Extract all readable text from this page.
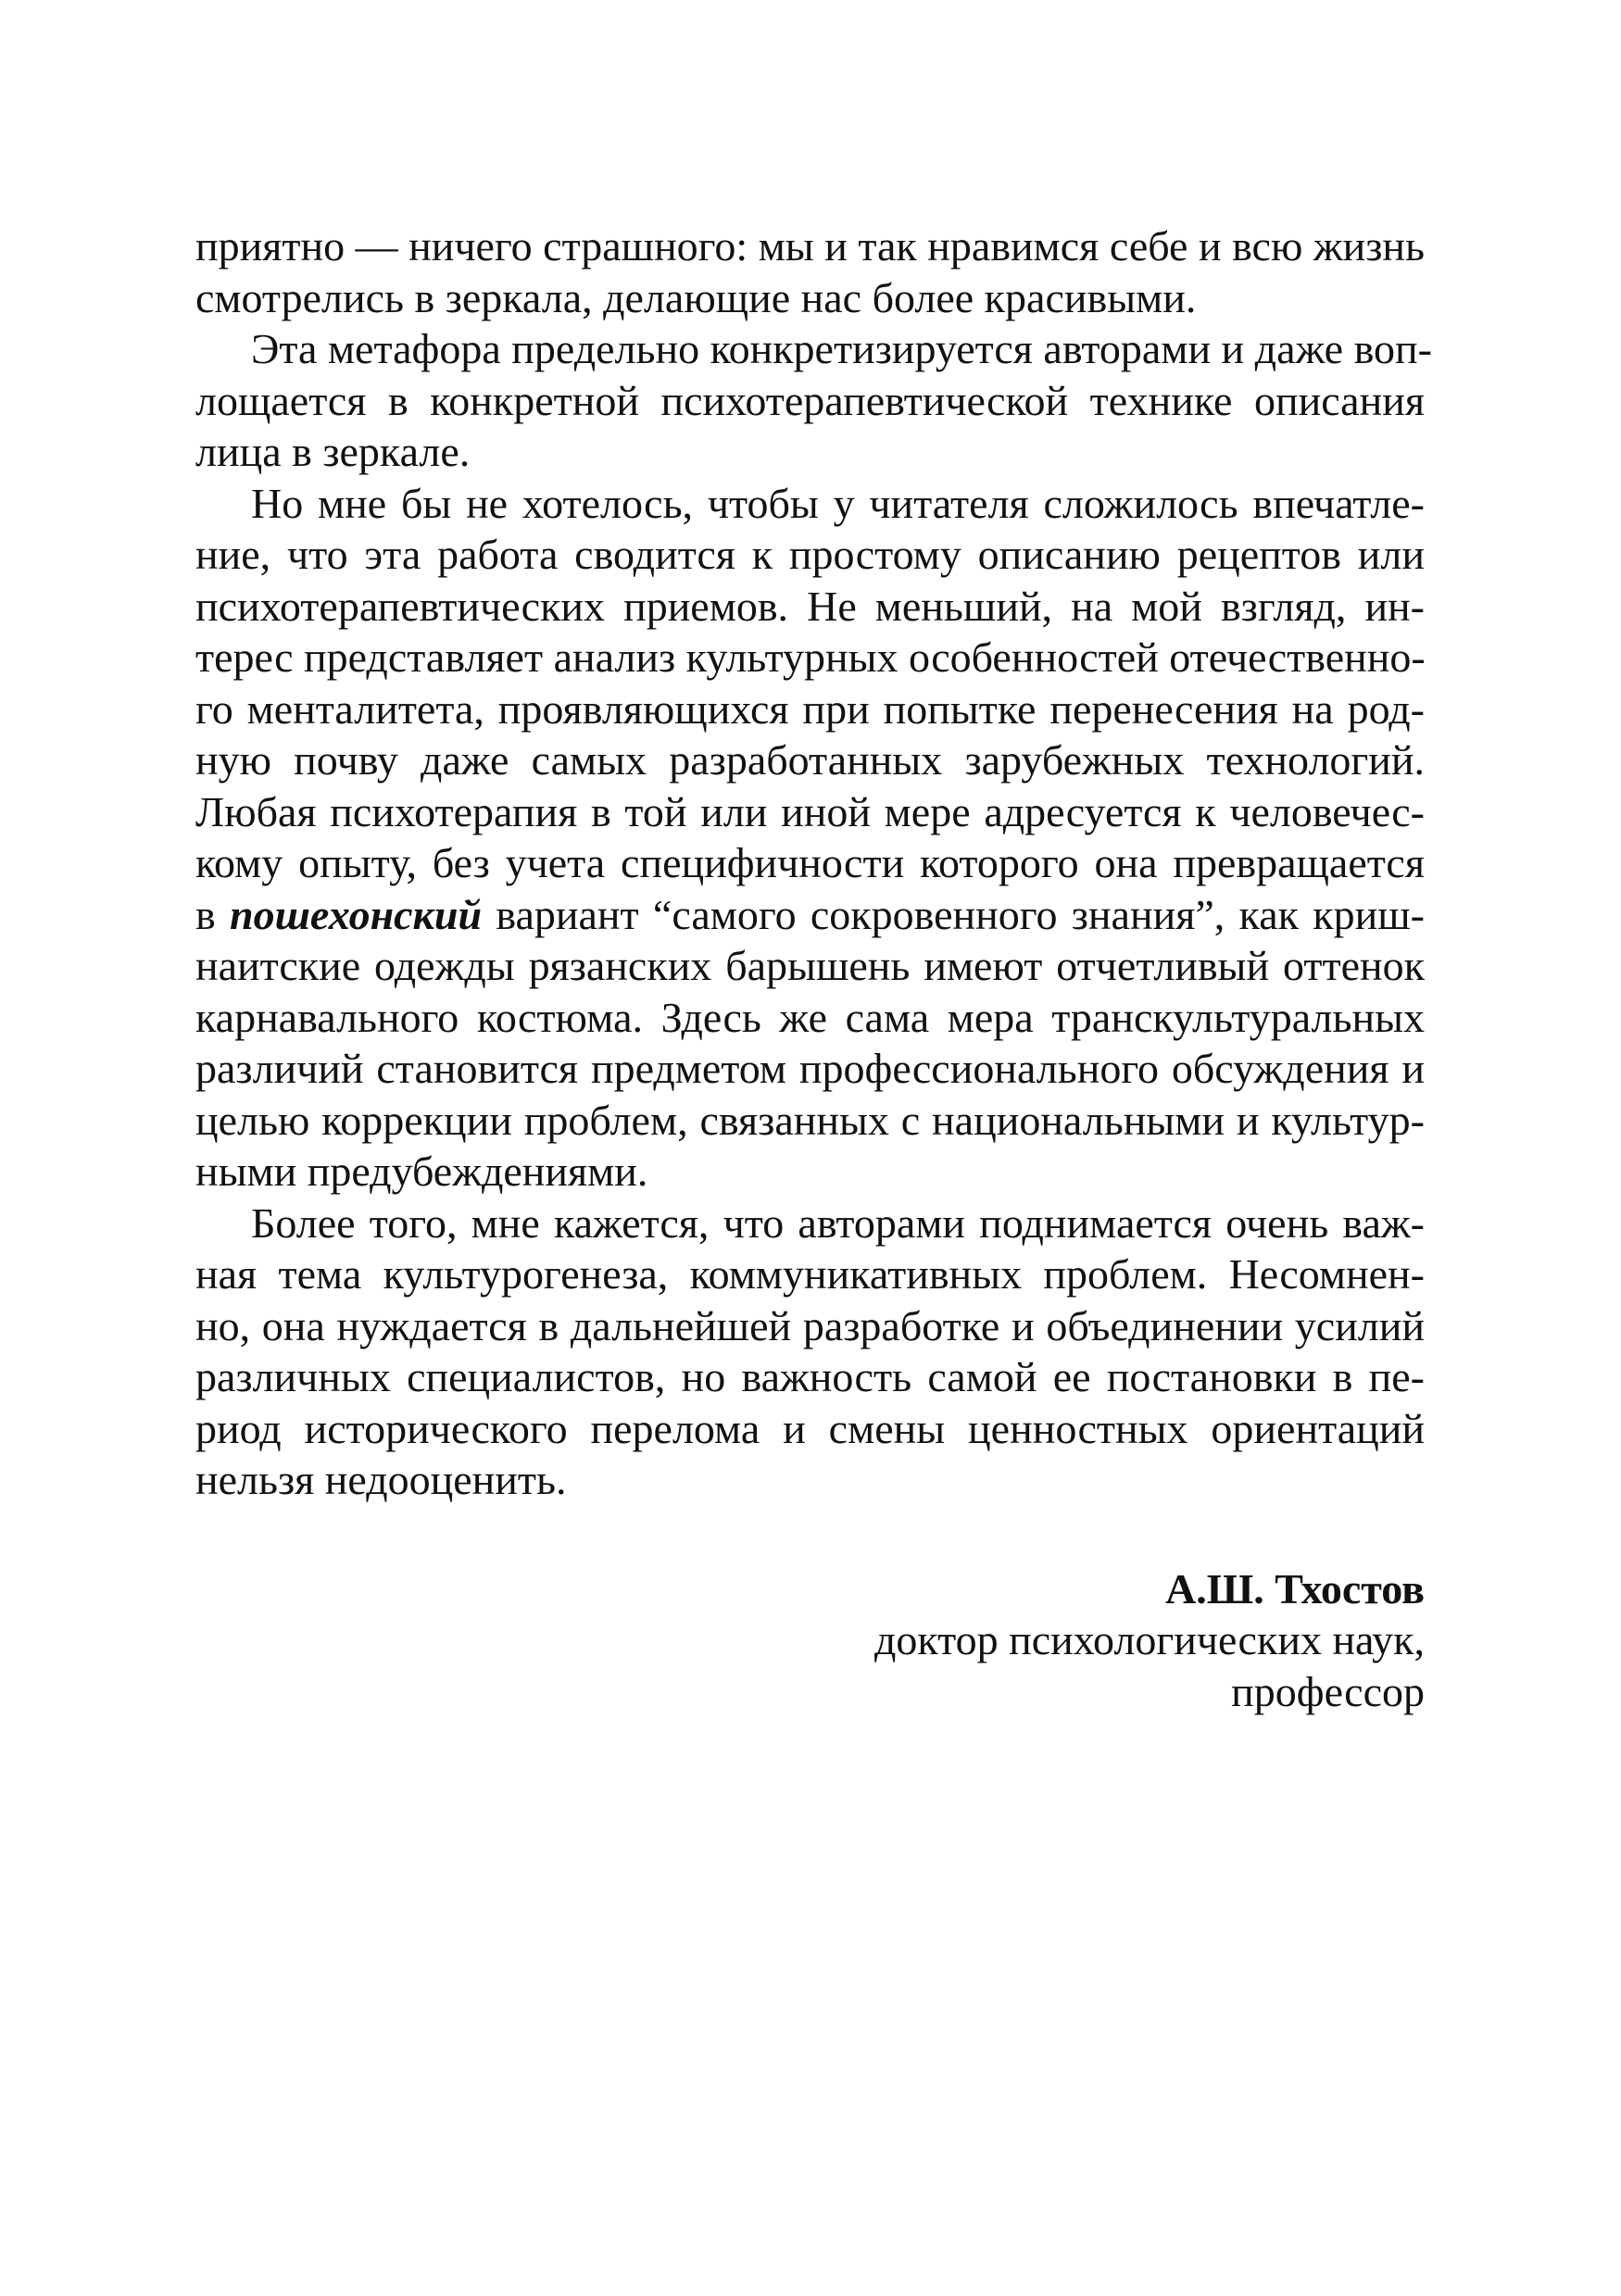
приятно — ничего страшного: мы и так нравимся себе и всю жизнь
смотрелись в зеркала, делающие нас более красивыми.
Эта метафора предельно конкретизируется авторами и даже воп-
лощается в конкретной психотерапевтической технике описания
лица в зеркале.
Но мне бы не хотелось, чтобы у читателя сложилось впечатле-
ние, что эта работа сводится к простому описанию рецептов или
психотерапевтических приемов. Не меньший, на мой взгляд, ин-
терес представляет анализ культурных особенностей отечественно-
го менталитета, проявляющихся при попытке перенесения на род-
ную почву даже самых разработанных зарубежных технологий.
Любая психотерапия в той или иной мере адресуется к человечес-
кому опыту, без учета специфичности которого она превращается
в пошехонский вариант “самого сокровенного знания”, как криш-
наитские одежды рязанских барышень имеют отчетливый оттенок
карнавального костюма. Здесь же сама мера транскультуральных
различий становится предметом профессионального обсуждения и
целью коррекции проблем, связанных с национальными и культур-
ными предубеждениями.
Более того, мне кажется, что авторами поднимается очень важ-
ная тема культурогенеза, коммуникативных проблем. Несомнен-
но, она нуждается в дальнейшей разработке и объединении усилий
различных специалистов, но важность самой ее постановки в пе-
риод исторического перелома и смены ценностных ориентаций
нельзя недооценить.
А.Ш. Тхостов
доктор психологических наук,
профессор
